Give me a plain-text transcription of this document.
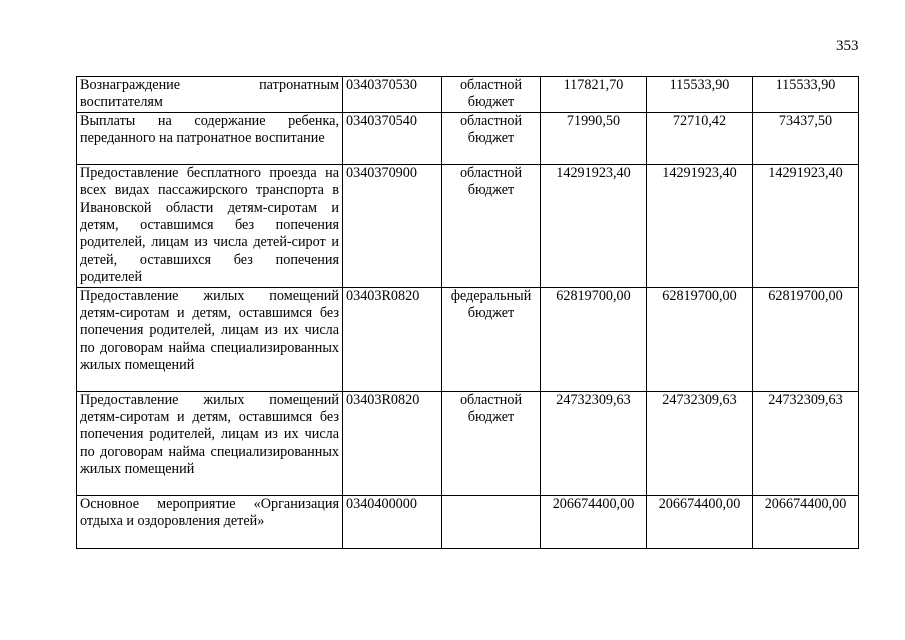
353
Вознаграждение патронатным воспитателям	0340370530	областной бюджет	117821,70	115533,90	115533,90
Выплаты на содержание ребенка, переданного на патронатное воспитание	0340370540	областной бюджет	71990,50	72710,42	73437,50
Предоставление бесплатного проезда на всех видах пассажирского транспорта в Ивановской области детям-сиротам и детям, оставшимся без попечения родителей, лицам из числа детей-сирот и детей, оставшихся без попечения родителей	0340370900	областной бюджет	14291923,40	14291923,40	14291923,40
Предоставление жилых помещений детям-сиротам и детям, оставшимся без попечения родителей, лицам из их числа по договорам найма специализированных жилых помещений	03403R0820	федеральный бюджет	62819700,00	62819700,00	62819700,00
Предоставление жилых помещений детям-сиротам и детям, оставшимся без попечения родителей, лицам из их числа по договорам найма специализированных жилых помещений	03403R0820	областной бюджет	24732309,63	24732309,63	24732309,63
Основное мероприятие «Организация отдыха и оздоровления детей»	0340400000		206674400,00	206674400,00	206674400,00
